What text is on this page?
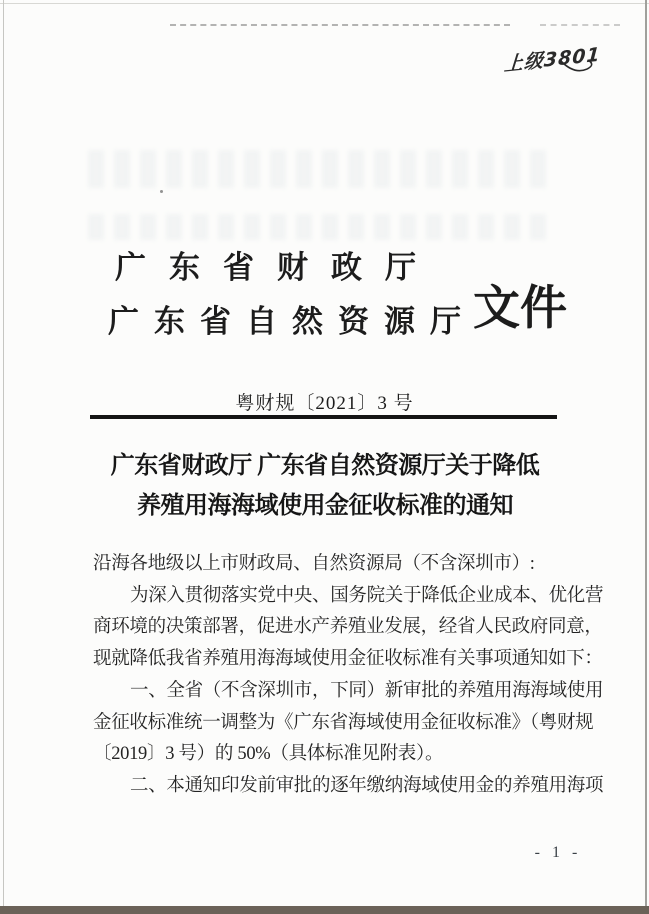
上级3801
广东省财政厅
广东省自然资源厅
文件
粤财规〔2021〕3 号
广东省财政厅 广东省自然资源厅关于降低
养殖用海海域使用金征收标准的通知
沿海各地级以上市财政局、自然资源局（不含深圳市）:
为深入贯彻落实党中央、国务院关于降低企业成本、优化营
商环境的决策部署，促进水产养殖业发展，经省人民政府同意，
现就降低我省养殖用海海域使用金征收标准有关事项通知如下：
一、全省（不含深圳市，下同）新审批的养殖用海海域使用
金征收标准统一调整为《广东省海域使用金征收标准》（粤财规
〔2019〕3 号）的 50%（具体标准见附表）。
二、本通知印发前审批的逐年缴纳海域使用金的养殖用海项
- 1 -
